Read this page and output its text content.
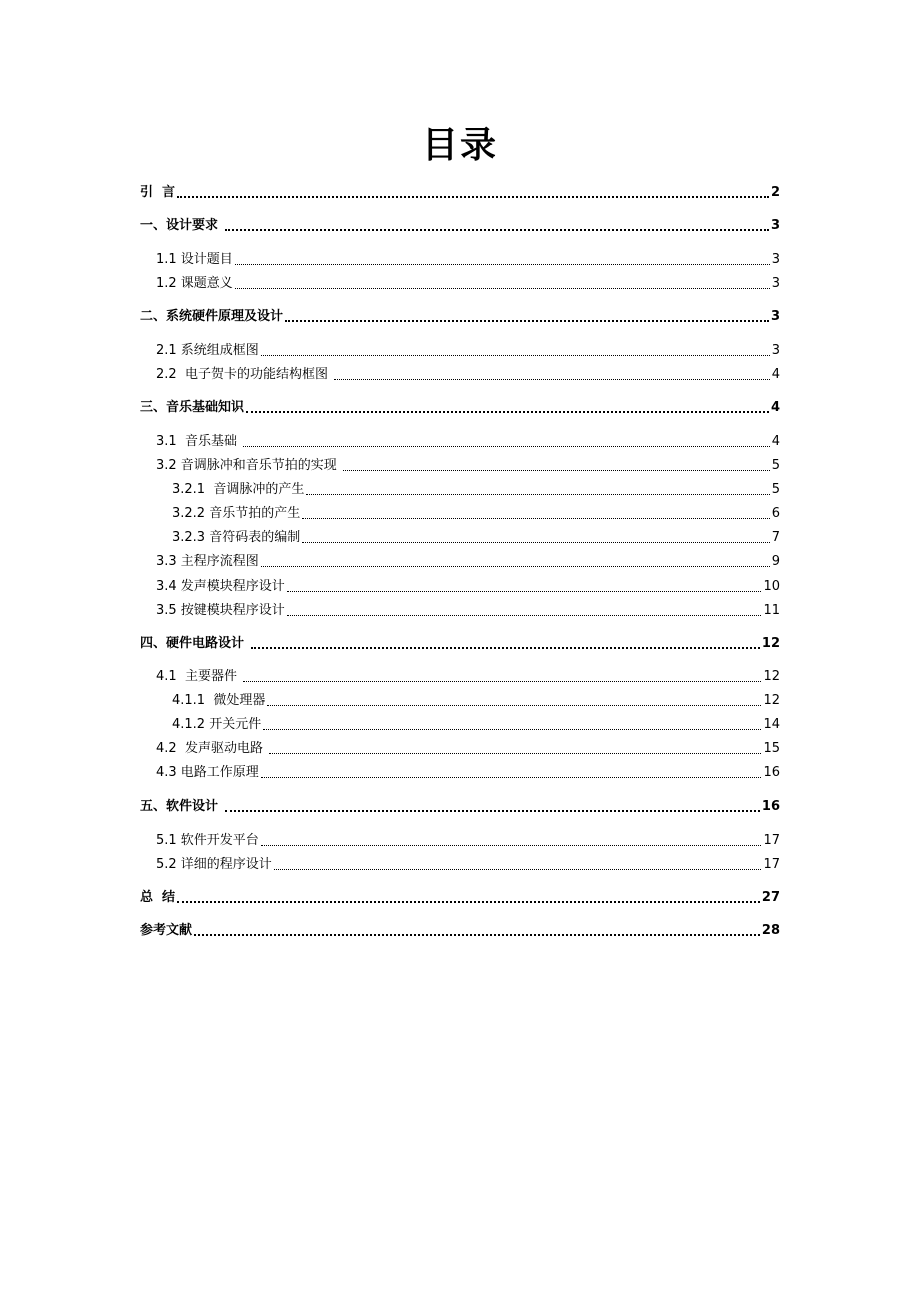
目录
引  言	2
一、设计要求	3
1.1 设计题目	3
1.2 课题意义	3
二、系统硬件原理及设计	3
2.1 系统组成框图	3
2.2  电子贺卡的功能结构框图	4
三、音乐基础知识	4
3.1  音乐基础	4
3.2 音调脉冲和音乐节拍的实现	5
3.2.1  音调脉冲的产生	5
3.2.2 音乐节拍的产生	6
3.2.3 音符码表的编制	7
3.3 主程序流程图	9
3.4 发声模块程序设计	10
3.5 按键模块程序设计	11
四、硬件电路设计	12
4.1  主要器件	12
4.1.1  微处理器	12
4.1.2 开关元件	14
4.2  发声驱动电路	15
4.3 电路工作原理	16
五、软件设计	16
5.1 软件开发平台	17
5.2 详细的程序设计	17
总  结	27
参考文献	28
